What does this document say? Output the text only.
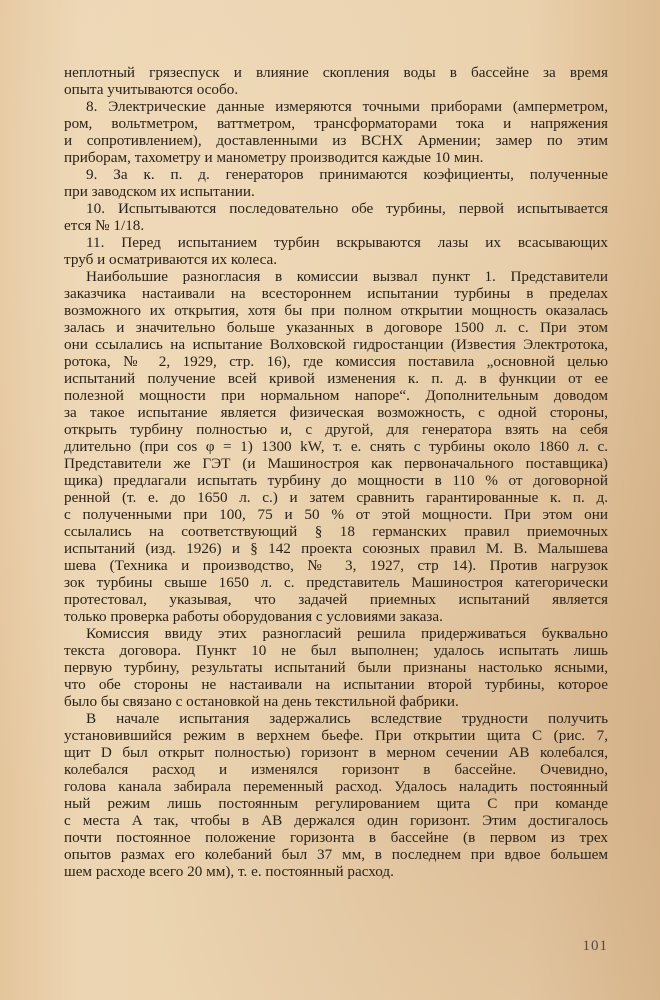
неплотный грязеспуск и влияние скопления воды в бассейне за время
опыта учитываются особо.
8. Электрические данные измеряются точными приборами (амперметром,
ром, вольтметром, ваттметром, трансформаторами тока и напряжения
и сопротивлением), доставленными из ВСНХ Армении; замер по этим
приборам, тахометру и манометру производится каждые 10 мин.
9. За к. п. д. генераторов принимаются коэфициенты, полученные
при заводском их испытании.
10. Испытываются последовательно обе турбины, первой испытывается
ется № 1/18.
11. Перед испытанием турбин вскрываются лазы их всасывающих
труб и осматриваются их колеса.
Наибольшие разногласия в комиссии вызвал пункт 1. Представители
заказчика настаивали на всестороннем испытании турбины в пределах
возможного их открытия, хотя бы при полном открытии мощность оказалась
залась и значительно больше указанных в договоре 1500 л. с. При этом
они ссылались на испытание Волховской гидростанции (Известия Электротока,
ротока, № 2, 1929, стр. 16), где комиссия поставила „основной целью
испытаний получение всей кривой изменения к. п. д. в функции от ее
полезной мощности при нормальном напоре“. Дополнительным доводом
за такое испытание является физическая возможность, с одной стороны,
открыть турбину полностью и, с другой, для генератора взять на себя
длительно (при cos φ = 1) 1300 kW, т. е. снять с турбины около 1860 л. с.
Представители же ГЭТ (и Машиностроя как первоначального поставщика)
щика) предлагали испытать турбину до мощности в 110 % от договорной
ренной (т. е. до 1650 л. с.) и затем сравнить гарантированные к. п. д.
с полученными при 100, 75 и 50 % от этой мощности. При этом они
ссылались на соответствующий § 18 германских правил приемочных
испытаний (изд. 1926) и § 142 проекта союзных правил М. В. Малышева
шева (Техника и производство, № 3, 1927, стр 14). Против нагрузок
зок турбины свыше 1650 л. с. представитель Машиностроя категорически
протестовал, указывая, что задачей приемных испытаний является
только проверка работы оборудования с условиями заказа.
Комиссия ввиду этих разногласий решила придерживаться буквально
текста договора. Пункт 10 не был выполнен; удалось испытать лишь
первую турбину, результаты испытаний были признаны настолько ясными,
что обе стороны не настаивали на испытании второй турбины, которое
было бы связано с остановкой на день текстильной фабрики.
В начале испытания задержались вследствие трудности получить
установившийся режим в верхнем бьефе. При открытии щита С (рис. 7,
щит D был открыт полностью) горизонт в мерном сечении AB колебался,
колебался расход и изменялся горизонт в бассейне. Очевидно,
голова канала забирала переменный расход. Удалось наладить постоянный
ный режим лишь постоянным регулированием щита С при команде
с места A так, чтобы в AB держался один горизонт. Этим достигалось
почти постоянное положение горизонта в бассейне (в первом из трех
опытов размах его колебаний был 37 мм, в последнем при вдвое большем
шем расходе всего 20 мм), т. е. постоянный расход.
101
